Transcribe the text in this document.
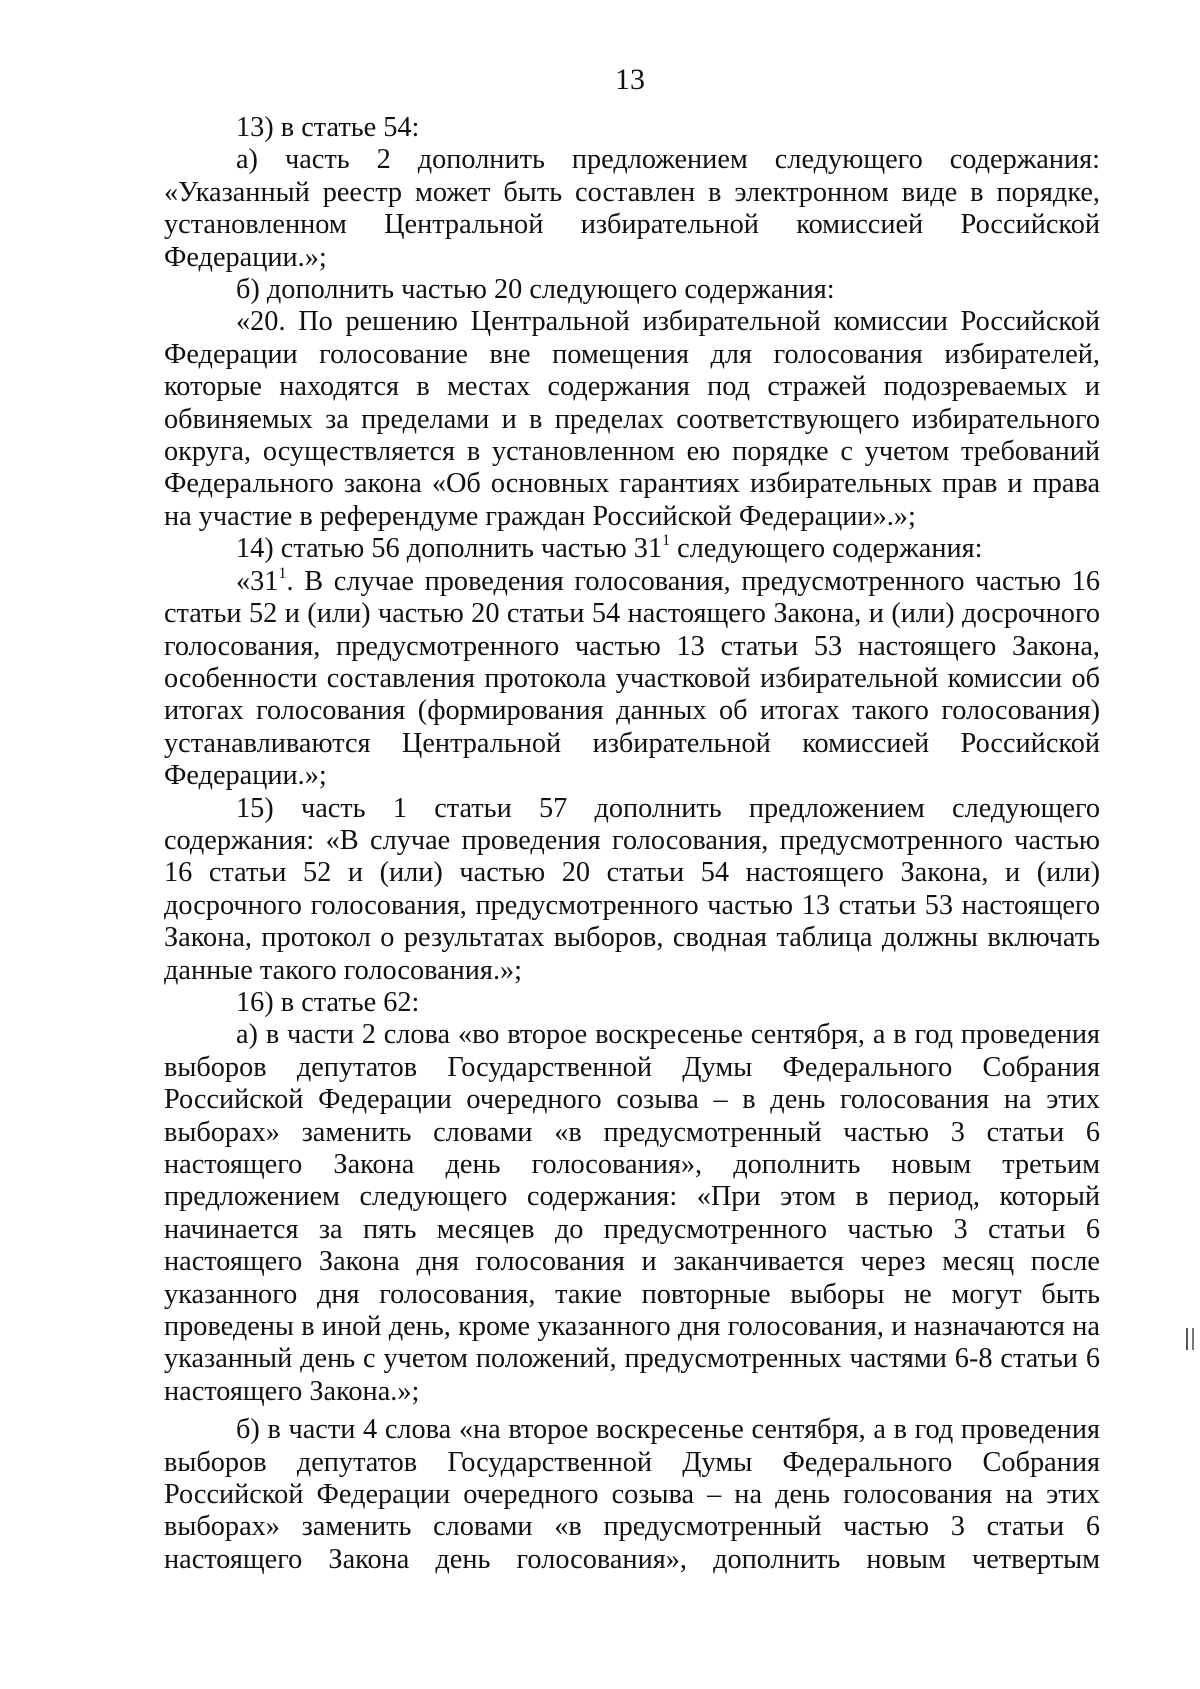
13

13) в статье 54:

а) часть 2 дополнить предложением следующего содержания: «Указанный реестр может быть составлен в электронном виде в порядке, установленном Центральной избирательной комиссией Российской Федерации.»;

б) дополнить частью 20 следующего содержания:

«20. По решению Центральной избирательной комиссии Российской Федерации голосование вне помещения для голосования избирателей, которые находятся в местах содержания под стражей подозреваемых и обвиняемых за пределами и в пределах соответствующего избирательного округа, осуществляется в установленном ею порядке с учетом требований Федерального закона «Об основных гарантиях избирательных прав и права на участие в референдуме граждан Российской Федерации».»;

14) статью 56 дополнить частью $31^1$ следующего содержания:

«$31^1$. В случае проведения голосования, предусмотренного частью 16 статьи 52 и (или) частью 20 статьи 54 настоящего Закона, и (или) досрочного голосования, предусмотренного частью 13 статьи 53 настоящего Закона, особенности составления протокола участковой избирательной комиссии об итогах голосования (формирования данных об итогах такого голосования) устанавливаются Центральной избирательной комиссией Российской Федерации.»;

15) часть 1 статьи 57 дополнить предложением следующего содержания: «В случае проведения голосования, предусмотренного частью 16 статьи 52 и (или) частью 20 статьи 54 настоящего Закона, и (или) досрочного голосования, предусмотренного частью 13 статьи 53 настоящего Закона, протокол о результатах выборов, сводная таблица должны включать данные такого голосования.»;

16) в статье 62:

а) в части 2 слова «во второе воскресенье сентября, а в год проведения выборов депутатов Государственной Думы Федерального Собрания Российской Федерации очередного созыва – в день голосования на этих выборах» заменить словами «в предусмотренный частью 3 статьи 6 настоящего Закона день голосования», дополнить новым третьим предложением следующего содержания: «При этом в период, который начинается за пять месяцев до предусмотренного частью 3 статьи 6 настоящего Закона дня голосования и заканчивается через месяц после указанного дня голосования, такие повторные выборы не могут быть проведены в иной день, кроме указанного дня голосования, и назначаются на указанный день с учетом положений, предусмотренных частями 6-8 статьи 6 настоящего Закона.»;

б) в части 4 слова «на второе воскресенье сентября, а в год проведения выборов депутатов Государственной Думы Федерального Собрания Российской Федерации очередного созыва – на день голосования на этих выборах» заменить словами «в предусмотренный частью 3 статьи 6 настоящего Закона день голосования», дополнить новым четвертым
